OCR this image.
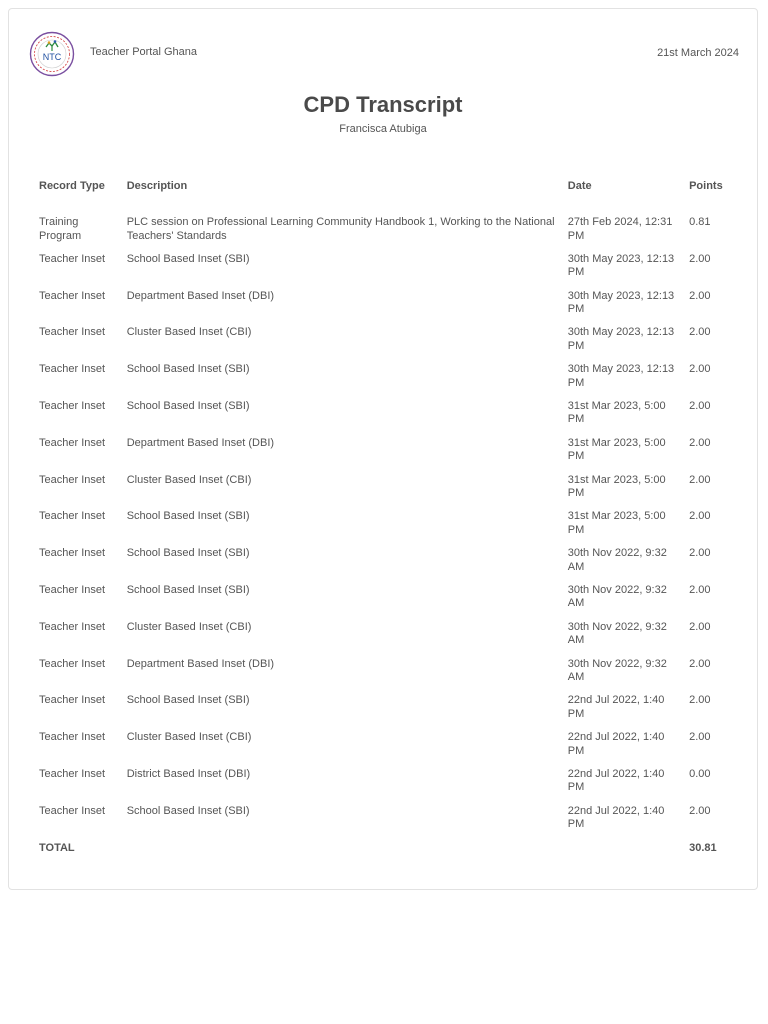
NTC	Teacher Portal Ghana	21st March 2024
CPD Transcript
Francisca Atubiga
Record Type	Description	Date	Points
Training Program	PLC session on Professional Learning Community Handbook 1, Working to the National Teachers' Standards	27th Feb 2024, 12:31 PM	0.81
Teacher Inset	School Based Inset (SBI)	30th May 2023, 12:13 PM	2.00
Teacher Inset	Department Based Inset (DBI)	30th May 2023, 12:13 PM	2.00
Teacher Inset	Cluster Based Inset (CBI)	30th May 2023, 12:13 PM	2.00
Teacher Inset	School Based Inset (SBI)	30th May 2023, 12:13 PM	2.00
Teacher Inset	School Based Inset (SBI)	31st Mar 2023, 5:00 PM	2.00
Teacher Inset	Department Based Inset (DBI)	31st Mar 2023, 5:00 PM	2.00
Teacher Inset	Cluster Based Inset (CBI)	31st Mar 2023, 5:00 PM	2.00
Teacher Inset	School Based Inset (SBI)	31st Mar 2023, 5:00 PM	2.00
Teacher Inset	School Based Inset (SBI)	30th Nov 2022, 9:32 AM	2.00
Teacher Inset	School Based Inset (SBI)	30th Nov 2022, 9:32 AM	2.00
Teacher Inset	Cluster Based Inset (CBI)	30th Nov 2022, 9:32 AM	2.00
Teacher Inset	Department Based Inset (DBI)	30th Nov 2022, 9:32 AM	2.00
Teacher Inset	School Based Inset (SBI)	22nd Jul 2022, 1:40 PM	2.00
Teacher Inset	Cluster Based Inset (CBI)	22nd Jul 2022, 1:40 PM	2.00
Teacher Inset	District Based Inset (DBI)	22nd Jul 2022, 1:40 PM	0.00
Teacher Inset	School Based Inset (SBI)	22nd Jul 2022, 1:40 PM	2.00
TOTAL			30.81
